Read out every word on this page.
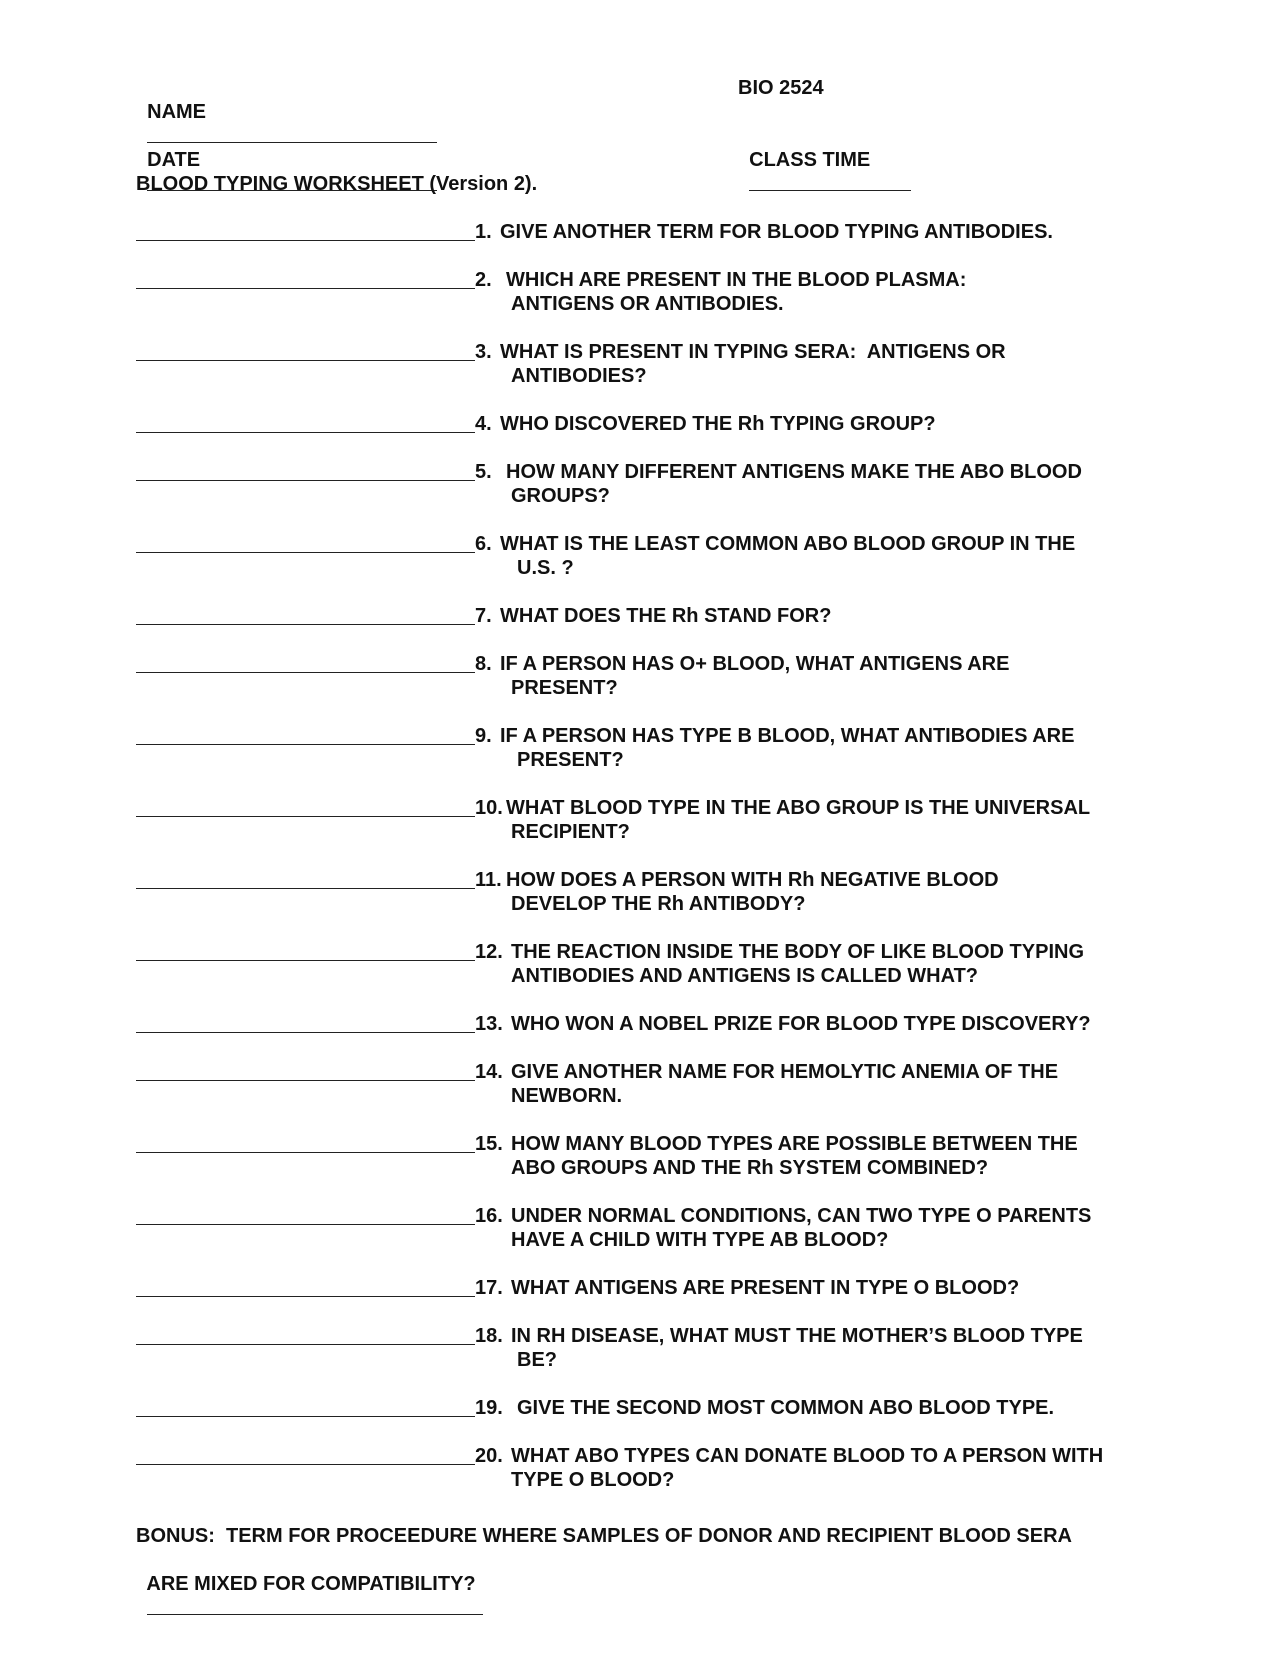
NAME

BIO 2524

DATE
	CLASS TIME

BLOOD TYPING WORKSHEET (Version 2).
1. GIVE ANOTHER TERM FOR BLOOD TYPING ANTIBODIES.
2. WHICH ARE PRESENT IN THE BLOOD PLASMA:
ANTIGENS OR ANTIBODIES.
3. WHAT IS PRESENT IN TYPING SERA:  ANTIGENS OR
ANTIBODIES?
4. WHO DISCOVERED THE Rh TYPING GROUP?
5. HOW MANY DIFFERENT ANTIGENS MAKE THE ABO BLOOD
GROUPS?
6. WHAT IS THE LEAST COMMON ABO BLOOD GROUP IN THE
U.S. ?
7. WHAT DOES THE Rh STAND FOR?
8. IF A PERSON HAS O+ BLOOD, WHAT ANTIGENS ARE
PRESENT?
9. IF A PERSON HAS TYPE B BLOOD, WHAT ANTIBODIES ARE
PRESENT?
10. WHAT BLOOD TYPE IN THE ABO GROUP IS THE UNIVERSAL
RECIPIENT?
11. HOW DOES A PERSON WITH Rh NEGATIVE BLOOD
DEVELOP THE Rh ANTIBODY?
12. THE REACTION INSIDE THE BODY OF LIKE BLOOD TYPING
ANTIBODIES AND ANTIGENS IS CALLED WHAT?
13. WHO WON A NOBEL PRIZE FOR BLOOD TYPE DISCOVERY?
14. GIVE ANOTHER NAME FOR HEMOLYTIC ANEMIA OF THE
NEWBORN.
15. HOW MANY BLOOD TYPES ARE POSSIBLE BETWEEN THE
ABO GROUPS AND THE Rh SYSTEM COMBINED?
16. UNDER NORMAL CONDITIONS, CAN TWO TYPE O PARENTS
HAVE A CHILD WITH TYPE AB BLOOD?
17. WHAT ANTIGENS ARE PRESENT IN TYPE O BLOOD?
18. IN RH DISEASE, WHAT MUST THE MOTHER’S BLOOD TYPE
BE?
19. GIVE THE SECOND MOST COMMON ABO BLOOD TYPE.
20. WHAT ABO TYPES CAN DONATE BLOOD TO A PERSON WITH
TYPE O BLOOD?
BONUS:  TERM FOR PROCEEDURE WHERE SAMPLES OF DONOR AND RECIPIENT BLOOD SERA

ARE MIXED FOR COMPATIBILITY?
